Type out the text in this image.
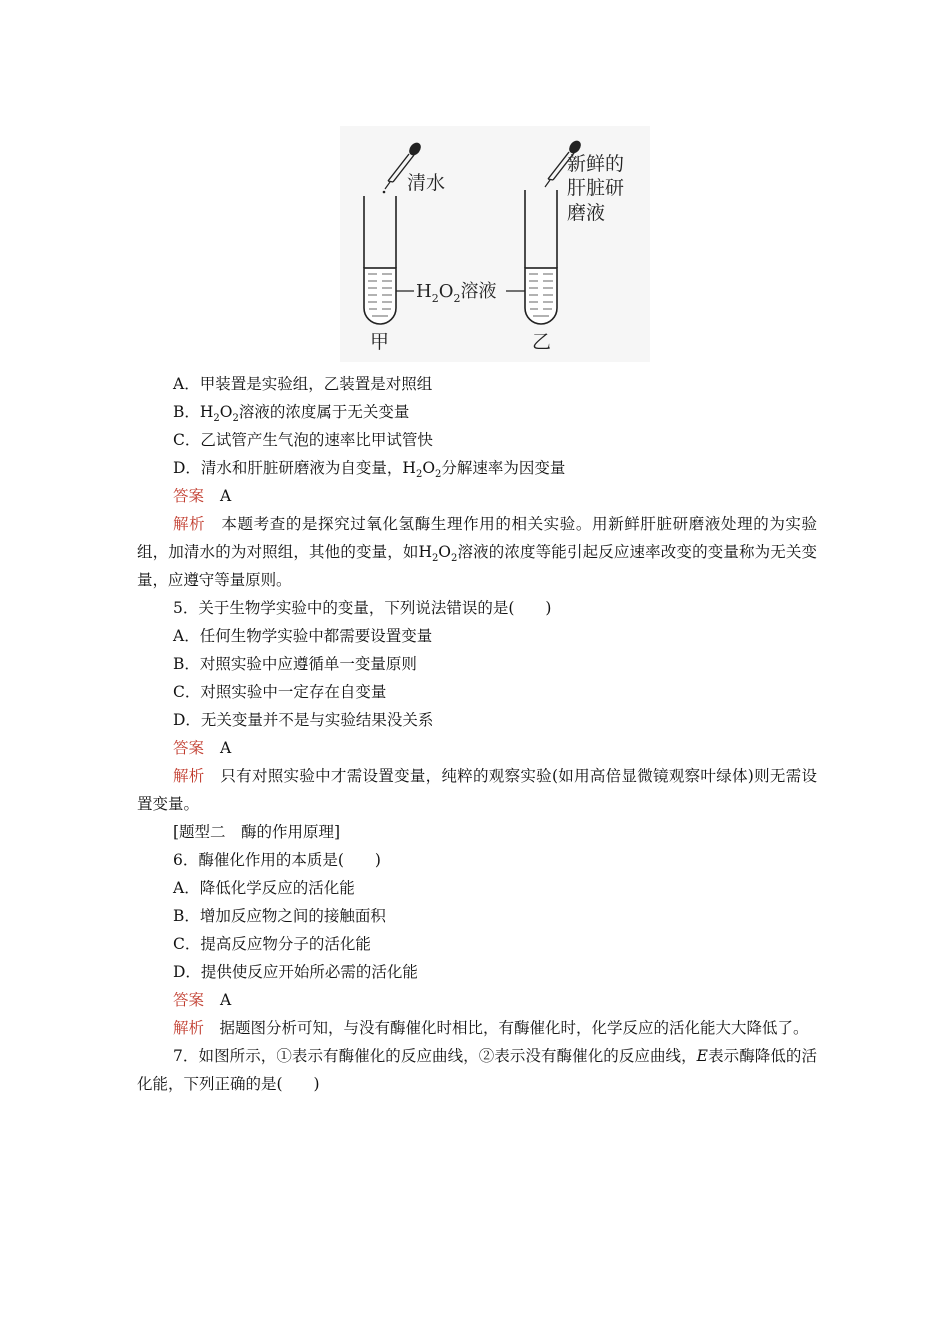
清水
新鲜的
肝脏研
磨液
$H_2O_2$溶液
甲	乙

A．甲装置是实验组，乙装置是对照组

B．$H_2O_2$溶液的浓度属于无关变量

C．乙试管产生气泡的速率比甲试管快

D．清水和肝脏研磨液为自变量，$H_2O_2$分解速率为因变量

答案 A

解析　 本题考查的是探究过氧化氢酶生理作用的相关实验。用新鲜肝脏研磨液处理的为实验组，加清水的为对照组，其他的变量，如$H_2O_2$溶液的浓度等能引起反应速率改变的变量称为无关变量，应遵守等量原则。

5．关于生物学实验中的变量，下列说法错误的是(　　)

A．任何生物学实验中都需要设置变量

B．对照实验中应遵循单一变量原则

C．对照实验中一定存在自变量

D．无关变量并不是与实验结果没关系

答案 A

解析　 只有对照实验中才需设置变量，纯粹的观察实验(如用高倍显微镜观察叶绿体)则无需设置变量。

[题型二　酶的作用原理]

6．酶催化作用的本质是(　　)

A．降低化学反应的活化能

B．增加反应物之间的接触面积

C．提高反应物分子的活化能

D．提供使反应开始所必需的活化能

答案 A

解析　 据题图分析可知，与没有酶催化时相比，有酶催化时，化学反应的活化能大大降低了。

7．如图所示，①表示有酶催化的反应曲线，②表示没有酶催化的反应曲线，E表示酶降低的活化能，下列正确的是(　　)
